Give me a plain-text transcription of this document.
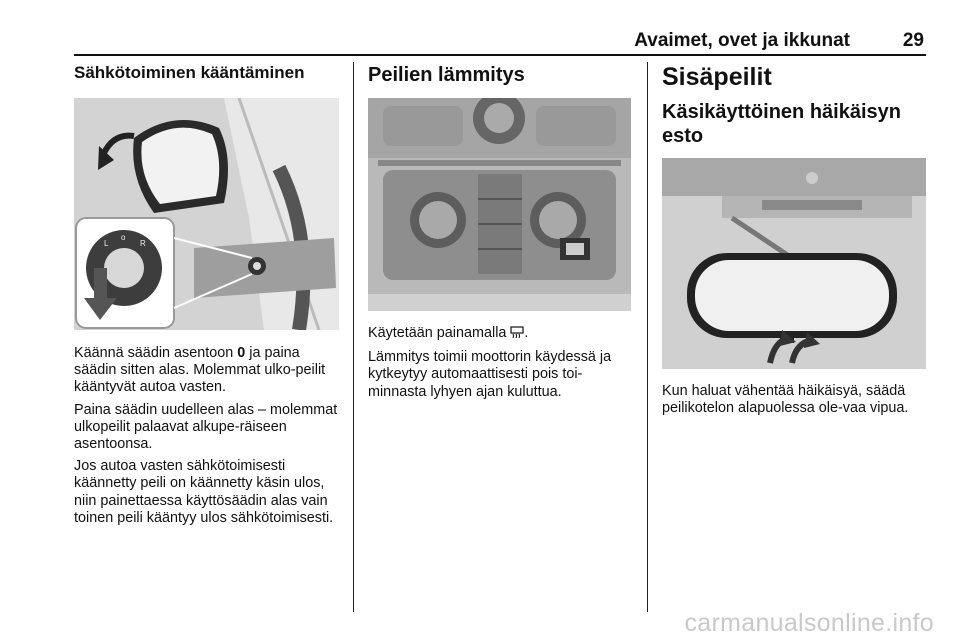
Avaimet, ovet ja ikkunat	29
Sähkötoiminen kääntäminen
L
o
R

Käännä säädin asentoon 0 ja paina säädin sitten alas. Molemmat ulko-peilit kääntyvät autoa vasten.

Paina säädin uudelleen alas – molemmat ulkopeilit palaavat alkupe-räiseen asentoonsa.

Jos autoa vasten sähkötoimisesti käännetty peili on käännetty käsin ulos, niin painettaessa käyttösäädin alas vain toinen peili kääntyy ulos sähkötoimisesti.

Peilien lämmitys

Käytetään painamalla .

Lämmitys toimii moottorin käydessä ja kytkeytyy automaattisesti pois toi-minnasta lyhyen ajan kuluttua.

Sisäpeilit
Käsikäyttöinen häikäisyn esto

Kun haluat vähentää häikäisyä, säädä peilikotelon alapuolessa ole-vaa vipua.

carmanualsonline.info
